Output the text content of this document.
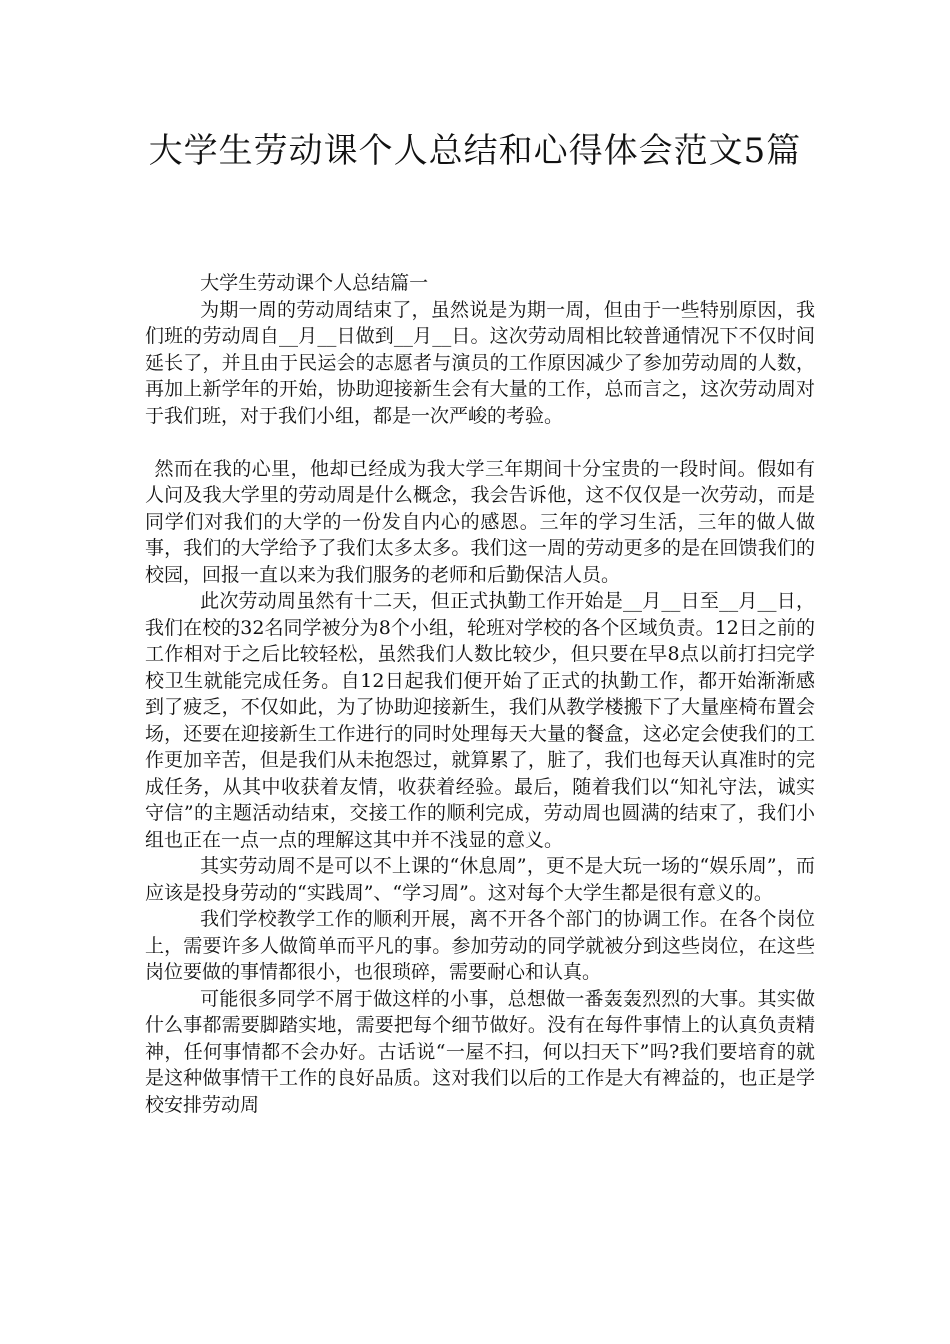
大学生劳动课个人总结和心得体会范文5篇

大学生劳动课个人总结篇一

为期一周的劳动周结束了，虽然说是为期一周，但由于一些特别原因，我们班的劳动周自__月__日做到__月__日。这次劳动周相比较普通情况下不仅时间延长了，并且由于民运会的志愿者与演员的工作原因减少了参加劳动周的人数，再加上新学年的开始，协助迎接新生会有大量的工作，总而言之，这次劳动周对于我们班，对于我们小组，都是一次严峻的考验。

然而在我的心里，他却已经成为我大学三年期间十分宝贵的一段时间。假如有人问及我大学里的劳动周是什么概念，我会告诉他，这不仅仅是一次劳动，而是同学们对我们的大学的一份发自内心的感恩。三年的学习生活，三年的做人做事，我们的大学给予了我们太多太多。我们这一周的劳动更多的是在回馈我们的校园，回报一直以来为我们服务的老师和后勤保洁人员。

此次劳动周虽然有十二天，但正式执勤工作开始是__月__日至__月__日，我们在校的32名同学被分为8个小组，轮班对学校的各个区域负责。12日之前的工作相对于之后比较轻松，虽然我们人数比较少，但只要在早8点以前打扫完学校卫生就能完成任务。自12日起我们便开始了正式的执勤工作，都开始渐渐感到了疲乏，不仅如此，为了协助迎接新生，我们从教学楼搬下了大量座椅布置会场，还要在迎接新生工作进行的同时处理每天大量的餐盒，这必定会使我们的工作更加辛苦，但是我们从未抱怨过，就算累了，脏了，我们也每天认真准时的完成任务，从其中收获着友情，收获着经验。最后，随着我们以“知礼守法，诚实守信”的主题活动结束，交接工作的顺利完成，劳动周也圆满的结束了，我们小组也正在一点一点的理解这其中并不浅显的意义。

其实劳动周不是可以不上课的“休息周”，更不是大玩一场的“娱乐周”，而应该是投身劳动的“实践周”、“学习周”。这对每个大学生都是很有意义的。

我们学校教学工作的顺利开展，离不开各个部门的协调工作。在各个岗位上，需要许多人做简单而平凡的事。参加劳动的同学就被分到这些岗位，在这些岗位要做的事情都很小，也很琐碎，需要耐心和认真。

可能很多同学不屑于做这样的小事，总想做一番轰轰烈烈的大事。其实做什么事都需要脚踏实地，需要把每个细节做好。没有在每件事情上的认真负责精神，任何事情都不会办好。古话说“一屋不扫，何以扫天下”吗?我们要培育的就是这种做事情干工作的良好品质。这对我们以后的工作是大有裨益的，也正是学校安排劳动周
